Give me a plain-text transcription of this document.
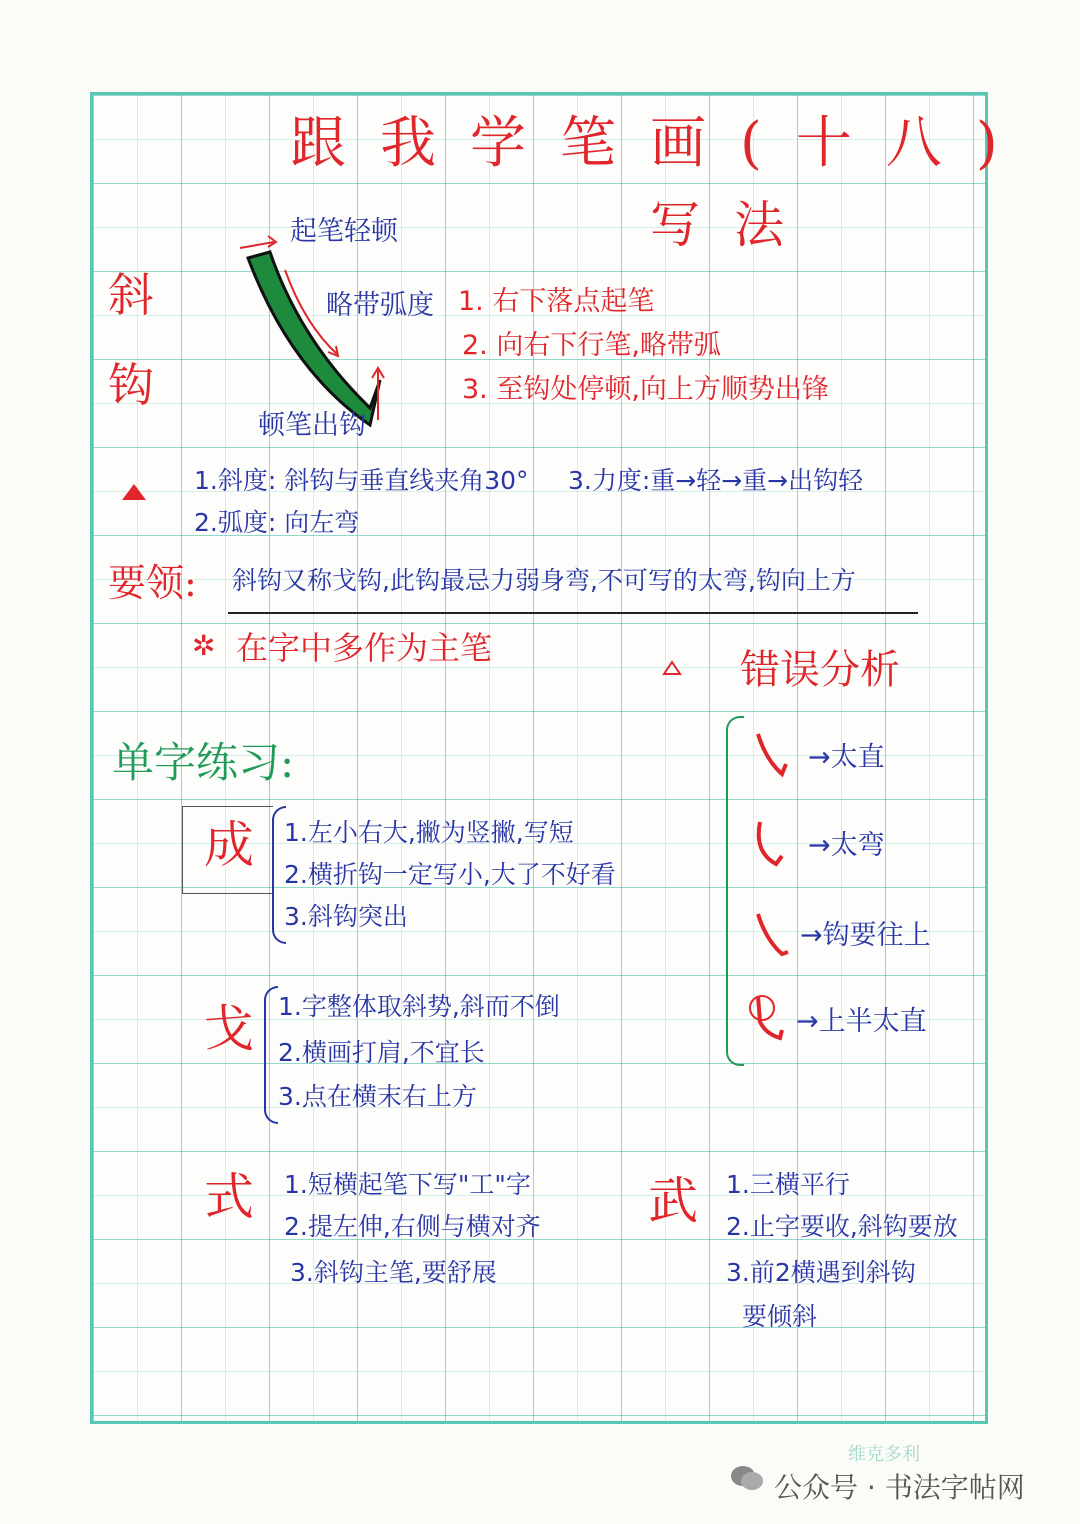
跟我学笔画(十八)
写法
斜钩
起笔轻顿
略带弧度
顿笔出钩
1. 右下落点起笔
2. 向右下行笔,略带弧
3. 至钩处停顿,向上方顺势出锋
1.斜度: 斜钩与垂直线夹角30° 3.力度:重→轻→重→出钩轻
2.弧度: 向左弯
要领: 斜钩又称戈钩,此钩最忌力弱身弯,不可写的太弯,钩向上方
✲ 在字中多作为主笔	错误分析
→太直
→太弯
→钩要往上
→上半太直
单字练习:
成 1.左小右大,撇为竖撇,写短
2.横折钩一定写小,大了不好看
3.斜钩突出
戈 1.字整体取斜势,斜而不倒
2.横画打肩,不宜长
3.点在横末右上方
式 1.短横起笔下写"工"字
2.提左伸,右侧与横对齐
3.斜钩主笔,要舒展
武 1.三横平行
2.止字要收,斜钩要放
3.前2横遇到斜钩
要倾斜
维克多利
公众号 · 书法字帖网
